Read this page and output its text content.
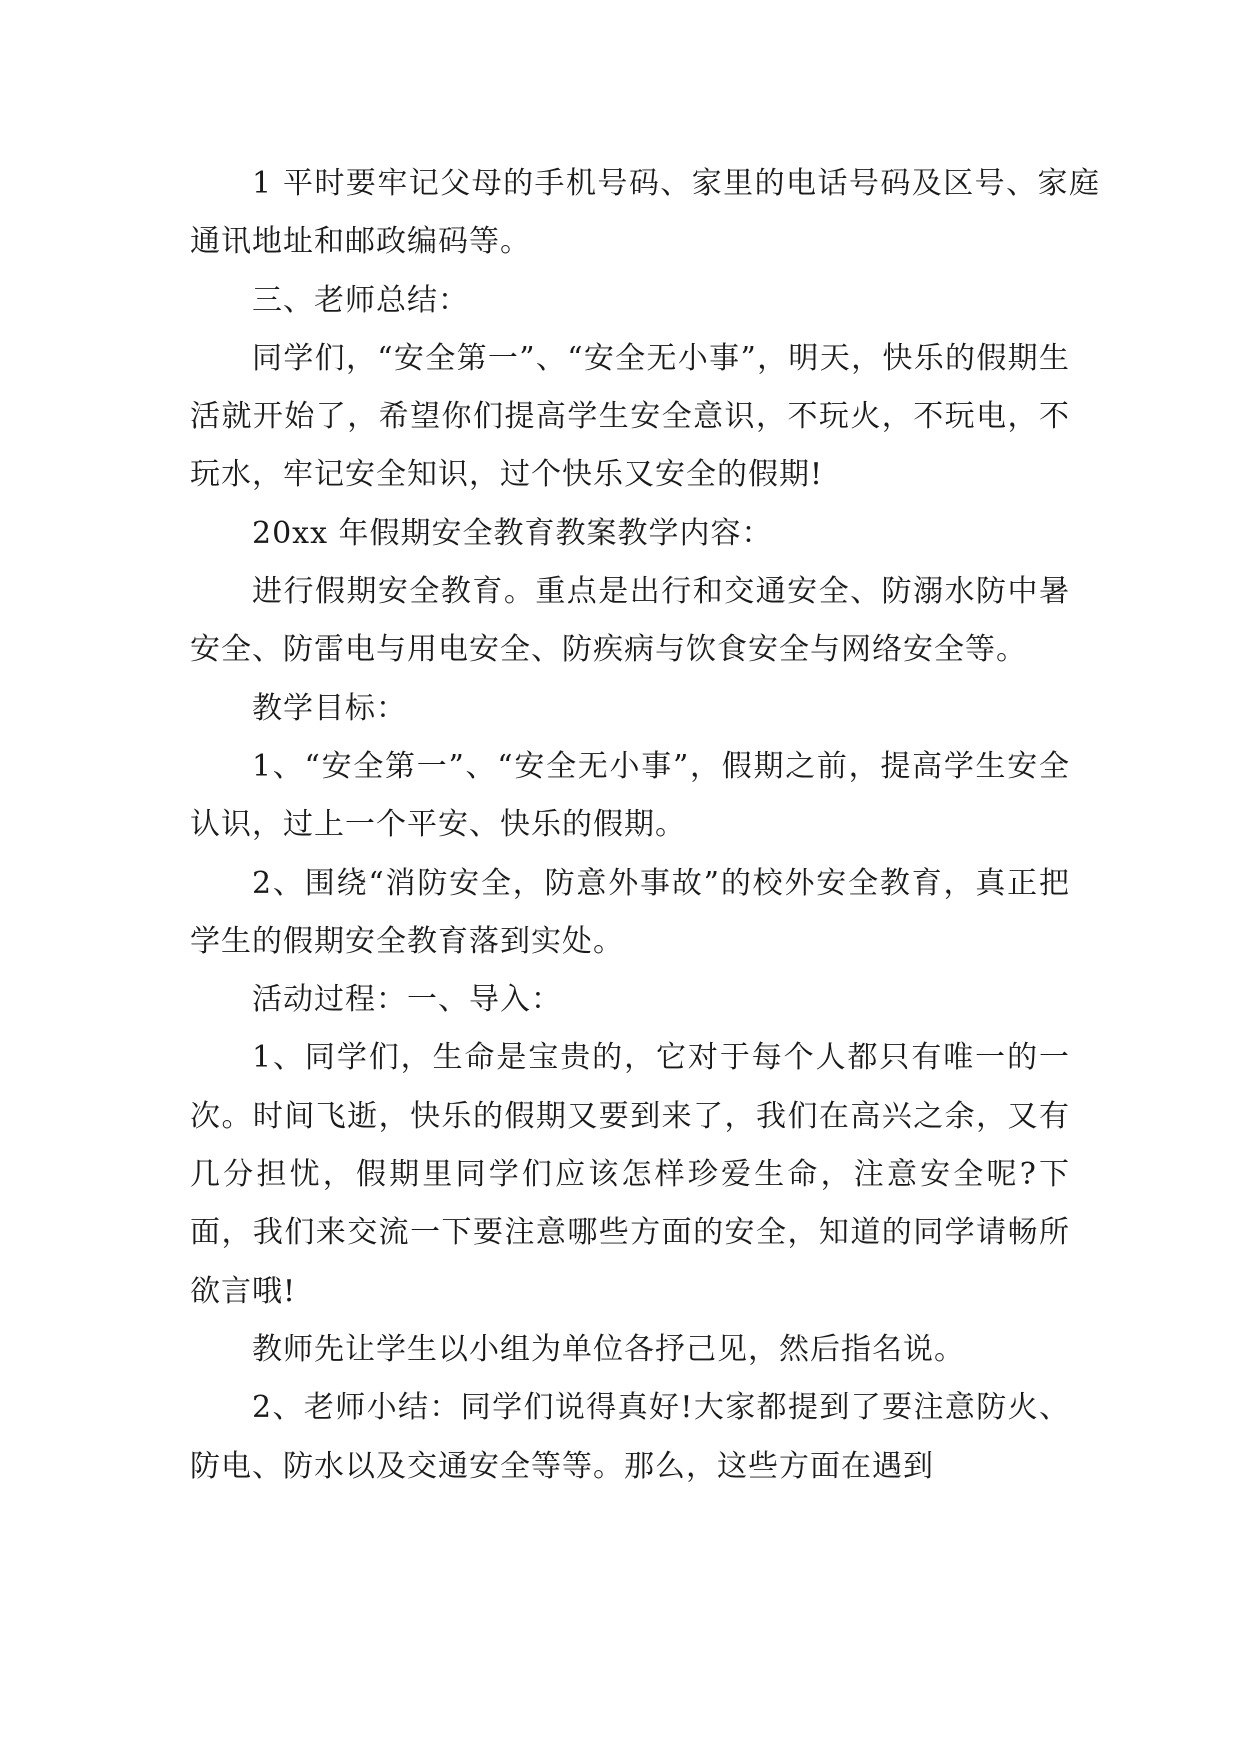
1 平时要牢记父母的手机号码、家里的电话号码及区号、家庭通讯地址和邮政编码等。

三、老师总结：

同学们，“安全第一”、“安全无小事”，明天，快乐的假期生活就开始了，希望你们提高学生安全意识，不玩火，不玩电，不玩水，牢记安全知识，过个快乐又安全的假期!

20xx 年假期安全教育教案教学内容：

进行假期安全教育。重点是出行和交通安全、防溺水防中暑安全、防雷电与用电安全、防疾病与饮食安全与网络安全等。

教学目标：

1、“安全第一”、“安全无小事”，假期之前，提高学生安全认识，过上一个平安、快乐的假期。

2、围绕“消防安全，防意外事故”的校外安全教育，真正把学生的假期安全教育落到实处。

活动过程：一、导入：

1、同学们，生命是宝贵的，它对于每个人都只有唯一的一次。时间飞逝，快乐的假期又要到来了，我们在高兴之余，又有几分担忧，假期里同学们应该怎样珍爱生命，注意安全呢?下面，我们来交流一下要注意哪些方面的安全，知道的同学请畅所欲言哦!

教师先让学生以小组为单位各抒己见，然后指名说。

2、老师小结：同学们说得真好!大家都提到了要注意防火、防电、防水以及交通安全等等。那么，这些方面在遇到
